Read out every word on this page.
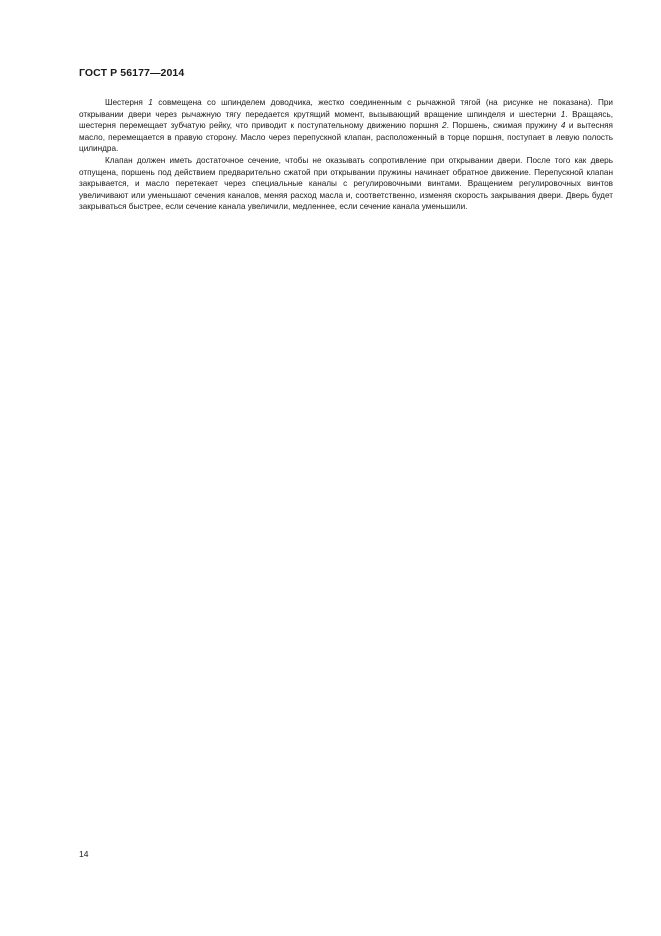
ГОСТ Р 56177—2014

Шестерня 1 совмещена со шпинделем доводчика, жестко соединенным с рычажной тягой (на рисунке не показана). При открывании двери через рычажную тягу передается крутящий момент, вызывающий вращение шпинделя и шестерни 1. Вращаясь, шестерня перемещает зубчатую рейку, что приводит к поступательному движению поршня 2. Поршень, сжимая пружину 4 и вытесняя масло, перемещается в правую сторону. Масло через перепускной клапан, расположенный в торце поршня, поступает в левую полость цилиндра.

Клапан должен иметь достаточное сечение, чтобы не оказывать сопротивление при открывании двери. После того как дверь отпущена, поршень под действием предварительно сжатой при открывании пружины начинает обратное движение. Перепускной клапан закрывается, и масло перетекает через специальные каналы с регулировочными винтами. Вращением регулировочных винтов увеличивают или уменьшают сечения каналов, меняя расход масла и, соответственно, изменяя скорость закрывания двери. Дверь будет закрываться быстрее, если сечение канала увеличили, медленнее, если сечение канала уменьшили.

14
